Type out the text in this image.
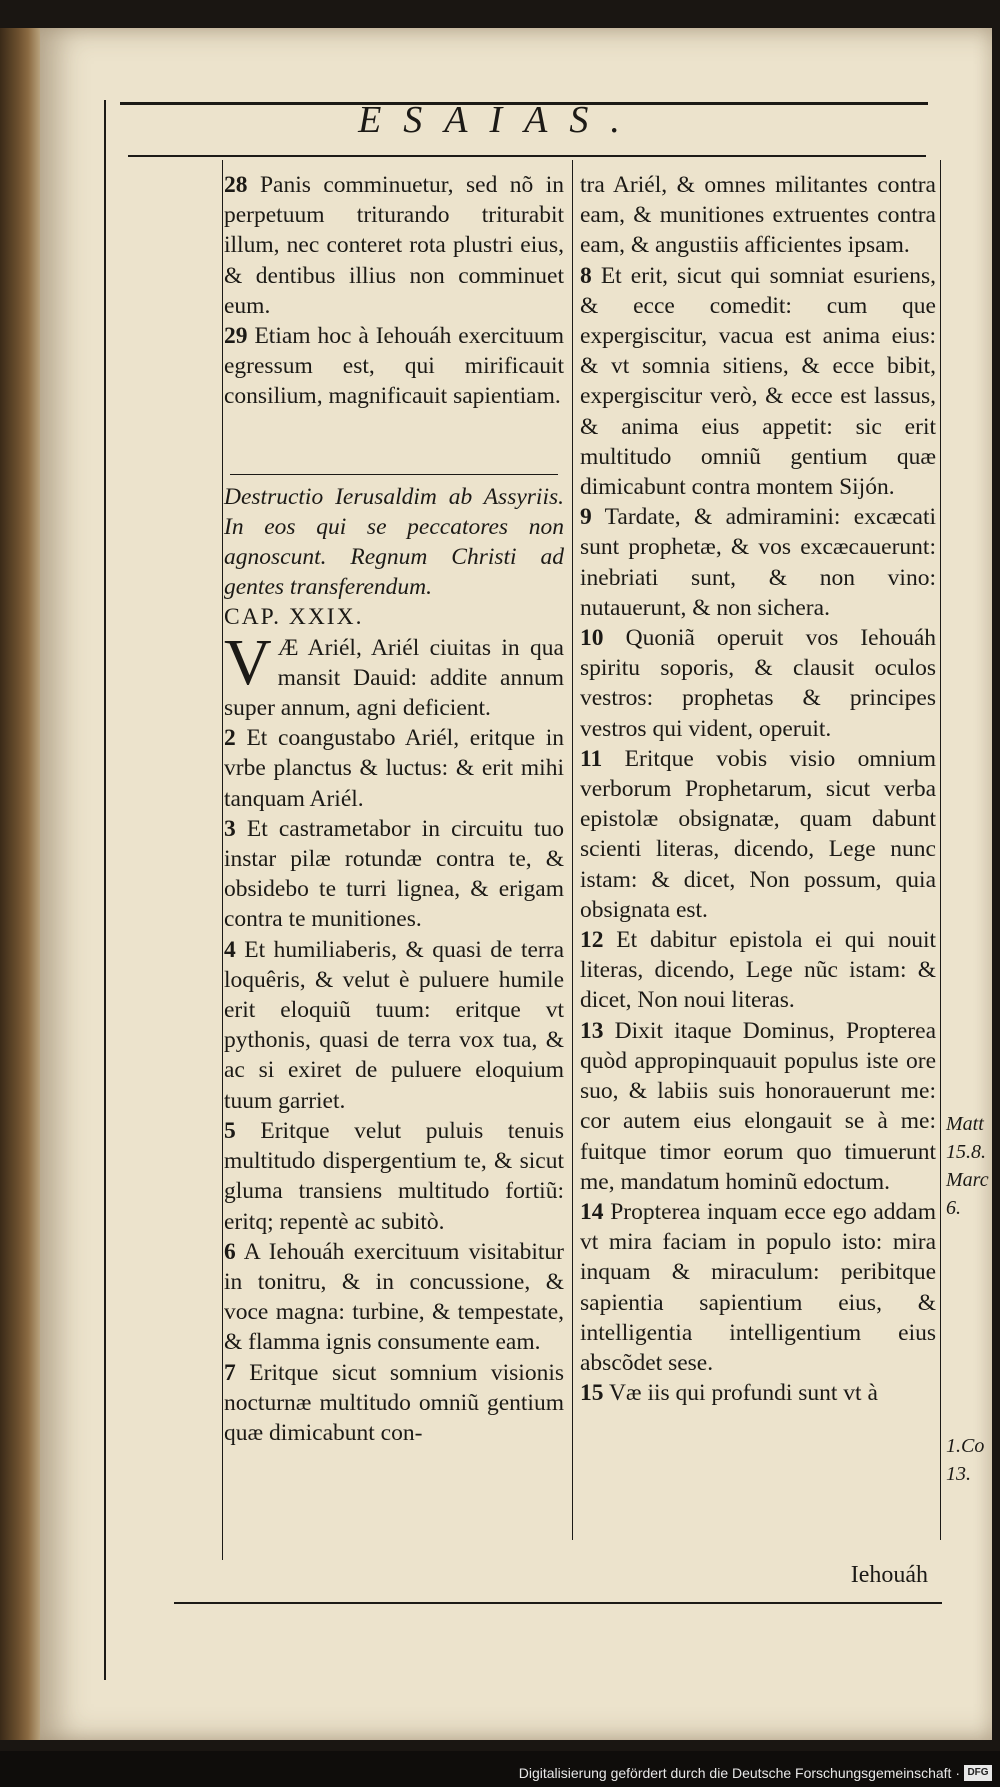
ESAIAS.

28 Panis comminuetur, sed nõ in perpetuum triturando triturabit illum, nec conteret rota plustri eius, & dentibus illius non comminuet eum.

29 Etiam hoc à Iehouáh exercituum egressum est, qui mirificauit consilium, magnificauit sapientiam.

Destructio Ierusaldim ab Assyriis. In eos qui se peccatores non agnoscunt. Regnum Christi ad gentes transferendum.

CAP. XXIX.

V Æ Ariél, Ariél ciuitas in qua mansit Dauid: addite annum super annum, agni deficient.

2 Et coangustabo Ariél, eritque in vrbe planctus & luctus: & erit mihi tanquam Ariél.

3 Et castrametabor in circuitu tuo instar pilæ rotundæ contra te, & obsidebo te turri lignea, & erigam contra te munitiones.

4 Et humiliaberis, & quasi de terra loquêris, & velut è puluere humile erit eloquiũ tuum: eritque vt pythonis, quasi de terra vox tua, & ac si exiret de puluere eloquium tuum garriet.

5 Eritque velut puluis tenuis multitudo dispergentium te, & sicut gluma transiens multitudo fortiũ: eritq; repentè ac subitò.

6 A Iehouáh exercituum visitabitur in tonitru, & in concussione, & voce magna: turbine, & tempestate, & flamma ignis consumente eam.

7 Eritque sicut somnium visionis nocturnæ multitudo omniũ gentium quæ dimicabunt con-

tra Ariél, & omnes militantes contra eam, & munitiones extruentes contra eam, & angustiis afficientes ipsam.

8 Et erit, sicut qui somniat esuriens, & ecce comedit: cum que expergiscitur, vacua est anima eius: & vt somnia sitiens, & ecce bibit, expergiscitur verò, & ecce est lassus, & anima eius appetit: sic erit multitudo omniũ gentium quæ dimicabunt contra montem Sijón.

9 Tardate, & admiramini: excæcati sunt prophetæ, & vos excæcauerunt: inebriati sunt, & non vino: nutauerunt, & non sichera.

10 Quoniã operuit vos Iehouáh spiritu soporis, & clausit oculos vestros: prophetas & principes vestros qui vident, operuit.

11 Eritque vobis visio omnium verborum Prophetarum, sicut verba epistolæ obsignatæ, quam dabunt scienti literas, dicendo, Lege nunc istam: & dicet, Non possum, quia obsignata est.

12 Et dabitur epistola ei qui nouit literas, dicendo, Lege nũc istam: & dicet, Non noui literas.

13 Dixit itaque Dominus, Propterea quòd appropinquauit populus iste ore suo, & labiis suis honorauerunt me: cor autem eius elongauit se à me: fuitque timor eorum quo timuerunt me, mandatum hominũ edoctum.

14 Propterea inquam ecce ego addam vt mira faciam in populo isto: mira inquam & miraculum: peribitque sapientia sapientium eius, & intelligentia intelligentium eius abscõdet sese.

15 Væ iis qui profundi sunt vt à

Iehouáh
Matt
15.8.
Marc
6.
1.Co
13.
Digitalisierung gefördert durch die Deutsche Forschungsgemeinschaft · DFG
